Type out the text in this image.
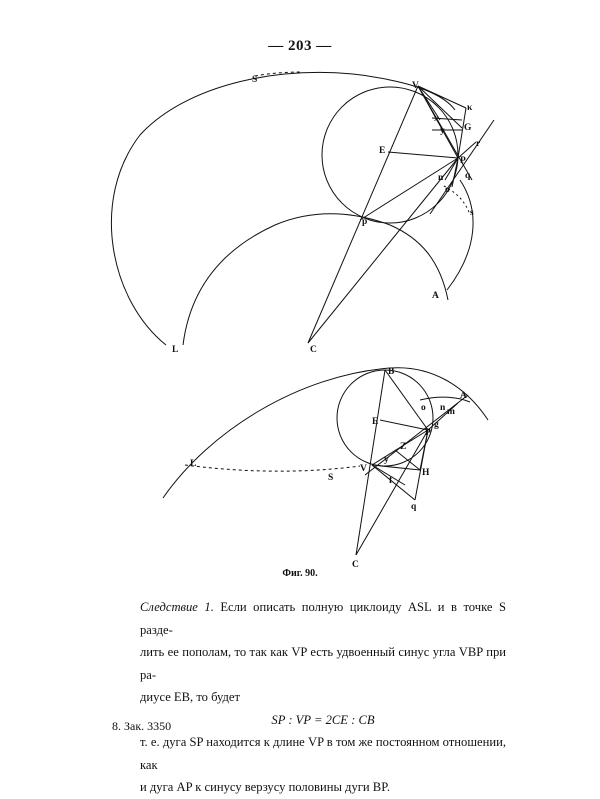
— 203 —
S
V
κ
x
y G
r
E
P
n
o
q
s
p
A
L	C
B
E
o
A
n m
P
g
Z
L
S
V
y
H
f
q
C
Фиг. 90.
Следствие 1. Если описать полную циклоиду ASL и в точке S разде-
лить ее пополам, то так как VP есть удвоенный синус угла VBP при ра-
диусе EB, то будет
SP : VP = 2CE : CB
т. е. дуга SP находится к длине VP в том же постоянном отношении, как
и дуга AP к синусу верзусу половины дуги BP.
8. Зак. 3350
